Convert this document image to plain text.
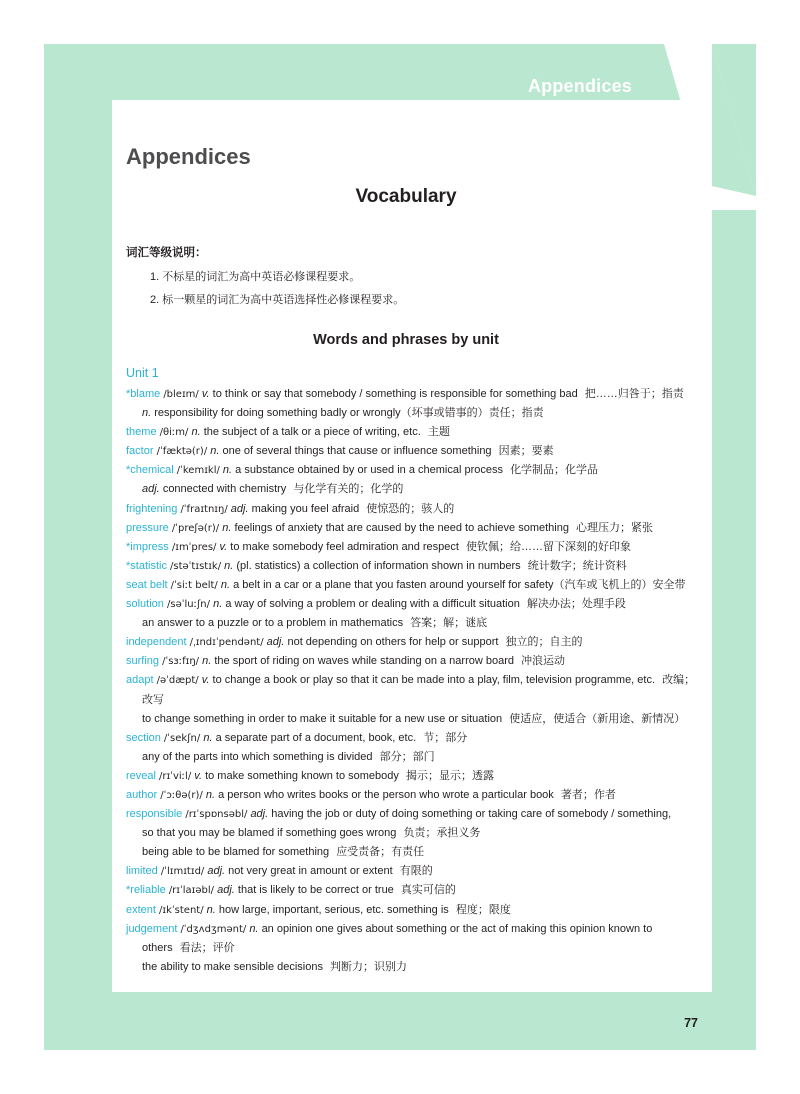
Appendices
Appendices
Vocabulary
词汇等级说明：
1. 不标星的词汇为高中英语必修课程要求。
2. 标一颗星的词汇为高中英语选择性必修课程要求。
Words and phrases by unit
Unit 1
*blame /bleɪm/ v. to think or say that somebody / something is responsible for something bad 把……归咎于；指责
n. responsibility for doing something badly or wrongly（坏事或错事的）责任；指责
theme /θiːm/ n. the subject of a talk or a piece of writing, etc. 主题
factor /ˈfæktə(r)/ n. one of several things that cause or influence something 因素；要素
*chemical /ˈkemɪkl/ n. a substance obtained by or used in a chemical process 化学制品；化学品
adj. connected with chemistry 与化学有关的；化学的
frightening /ˈfraɪtnɪŋ/ adj. making you feel afraid 使惊恐的；骇人的
pressure /ˈpreʃə(r)/ n. feelings of anxiety that are caused by the need to achieve something 心理压力；紧张
*impress /ɪmˈpres/ v. to make somebody feel admiration and respect 使钦佩；给……留下深刻的好印象
*statistic /stəˈtɪstɪk/ n. (pl. statistics) a collection of information shown in numbers 统计数字；统计资料
seat belt /ˈsiːt belt/ n. a belt in a car or a plane that you fasten around yourself for safety（汽车或飞机上的）安全带
solution /səˈluːʃn/ n. a way of solving a problem or dealing with a difficult situation 解决办法；处理手段
an answer to a puzzle or to a problem in mathematics 答案；解；谜底
independent /ˌɪndɪˈpendənt/ adj. not depending on others for help or support 独立的；自主的
surfing /ˈsɜːfɪŋ/ n. the sport of riding on waves while standing on a narrow board 冲浪运动
adapt /əˈdæpt/ v. to change a book or play so that it can be made into a play, film, television programme, etc. 改编；
改写
to change something in order to make it suitable for a new use or situation 使适应，使适合（新用途、新情况）
section /ˈsekʃn/ n. a separate part of a document, book, etc. 节；部分
any of the parts into which something is divided 部分；部门
reveal /rɪˈviːl/ v. to make something known to somebody 揭示；显示；透露
author /ˈɔːθə(r)/ n. a person who writes books or the person who wrote a particular book 著者；作者
responsible /rɪˈspɒnsəbl/ adj. having the job or duty of doing something or taking care of somebody / something,
so that you may be blamed if something goes wrong 负责；承担义务
being able to be blamed for something 应受责备；有责任
limited /ˈlɪmɪtɪd/ adj. not very great in amount or extent 有限的
*reliable /rɪˈlaɪəbl/ adj. that is likely to be correct or true 真实可信的
extent /ɪkˈstent/ n. how large, important, serious, etc. something is 程度；限度
judgement /ˈdʒʌdʒmənt/ n. an opinion one gives about something or the act of making this opinion known to
others 看法；评价
the ability to make sensible decisions 判断力；识别力
77
